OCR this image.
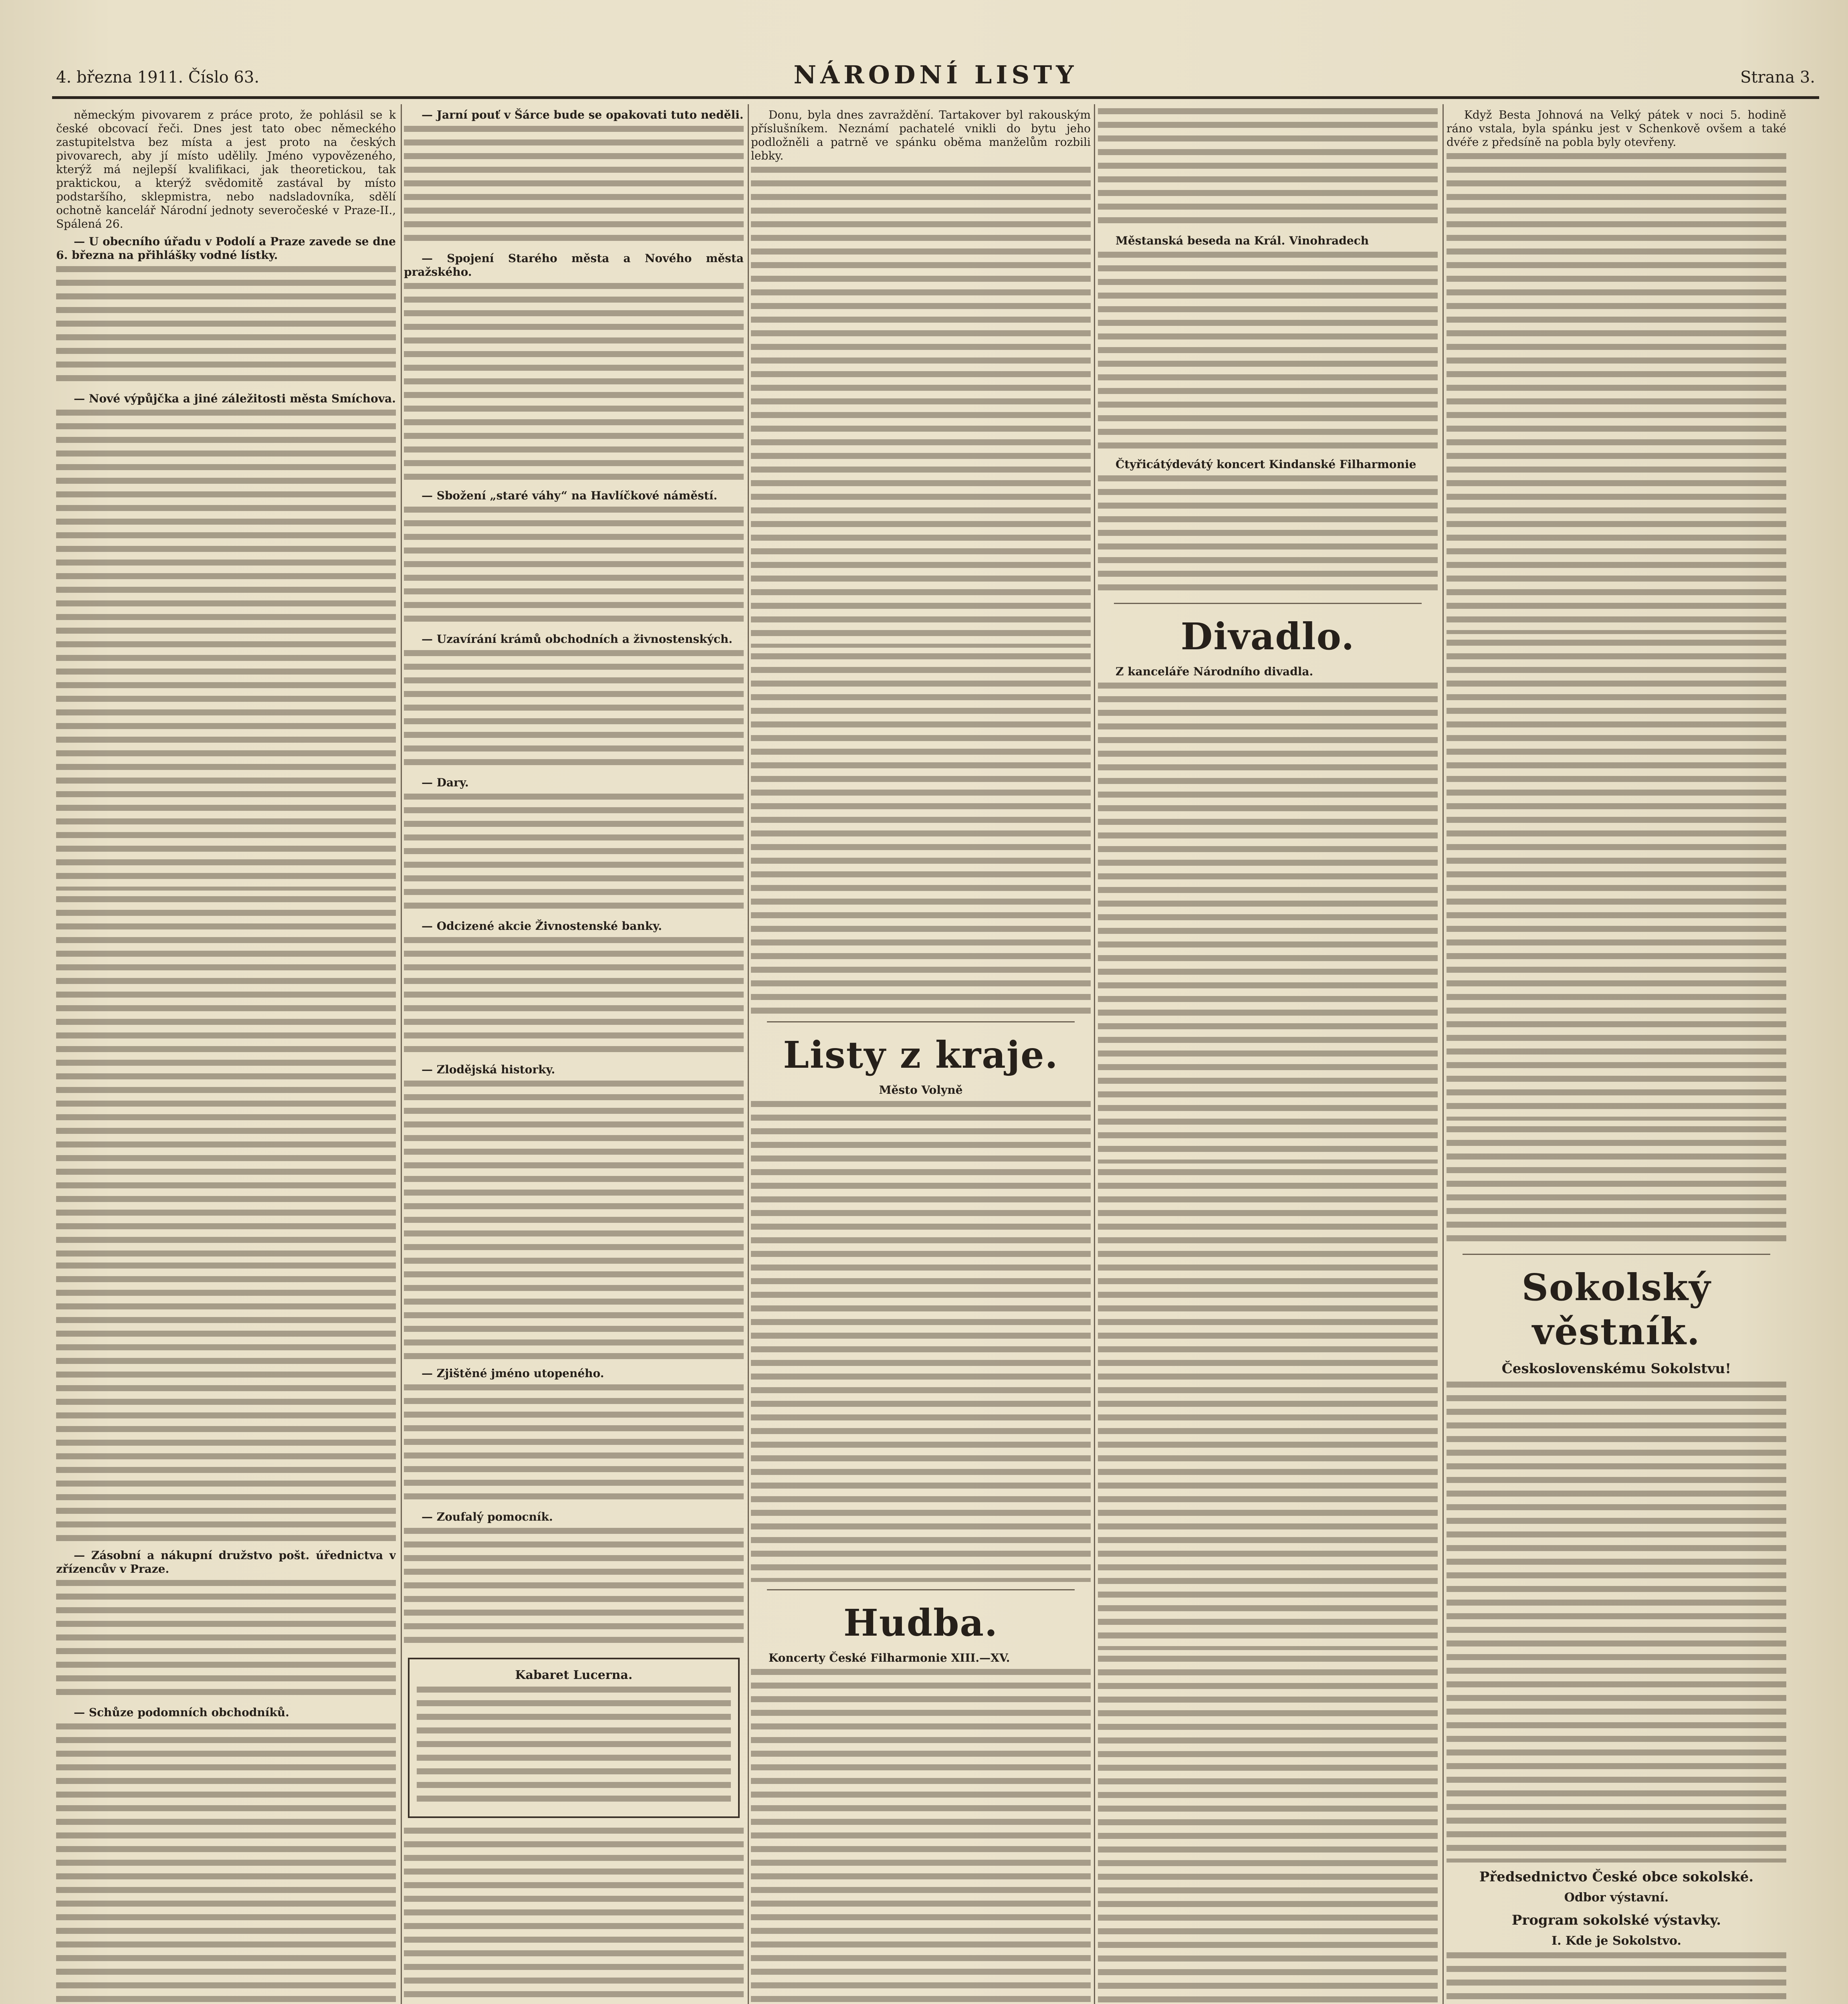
4. března 1911. Číslo 63.	NÁRODNÍ LISTY	Strana 3.

německým pivovarem z práce proto, že pohlásil se k české obcovací řeči. Dnes jest tato obec německého zastupitelstva bez místa a jest proto na českých pivovarech, aby jí místo udělily. Jméno vypovězeného, kterýž má nejlepší kvalifikaci, jak theoretickou, tak praktickou, a kterýž svědomitě zastával by místo podstaršího, sklepmistra, nebo nadsladovníka, sdělí ochotně kancelář Národní jednoty severočeské v Praze-II., Spálená 26.

— U obecního úřadu v Podolí a Praze zavede se dne 6. března na přihlášky vodné lístky.

— Nové výpůjčka a jiné záležitosti města Smíchova.

— Zásobní a nákupní družstvo pošt. úřednictva v zřízencův v Praze.

— Schůze podomních obchodníků.

— Jarní pouť v Šárce bude se opakovati tuto neděli.

— Spojení Starého města a Nového města pražského.

— Sbožení „staré váhy“ na Havlíčkové náměstí.

— Uzavírání krámů obchodních a živnostenských.

— Dary.

— Odcizené akcie Živnostenské banky.

— Zlodějská historky.

— Zjištěné jméno utopeného.

— Zoufalý pomocník.

Kabaret Lucerna.

Donu, byla dnes zavraždění. Tartakover byl rakouským příslušníkem. Neznámí pachatelé vnikli do bytu jeho podložněli a patrně ve spánku oběma manželům rozbili lebky.

Listy z kraje.

Město Volyně

Hudba.

Koncerty České Filharmonie XIII.—XV.

Městanská beseda na Král. Vinohradech

Čtyřicátýdevátý koncert Kindanské Filharmonie

Divadlo.

Z kanceláře Národního divadla.

Když Besta Johnová na Velký pátek v noci 5. hodině ráno vstala, byla spánku jest v Schenkově ovšem a také dvéře z předsíně na pobla byly otevřeny.

Sokolský věstník.
Československému Sokolstvu!
Předsednictvo České obce sokolské.
Odbor výstavní.
Program sokolské výstavky.
I. Kde je Sokolstvo.
